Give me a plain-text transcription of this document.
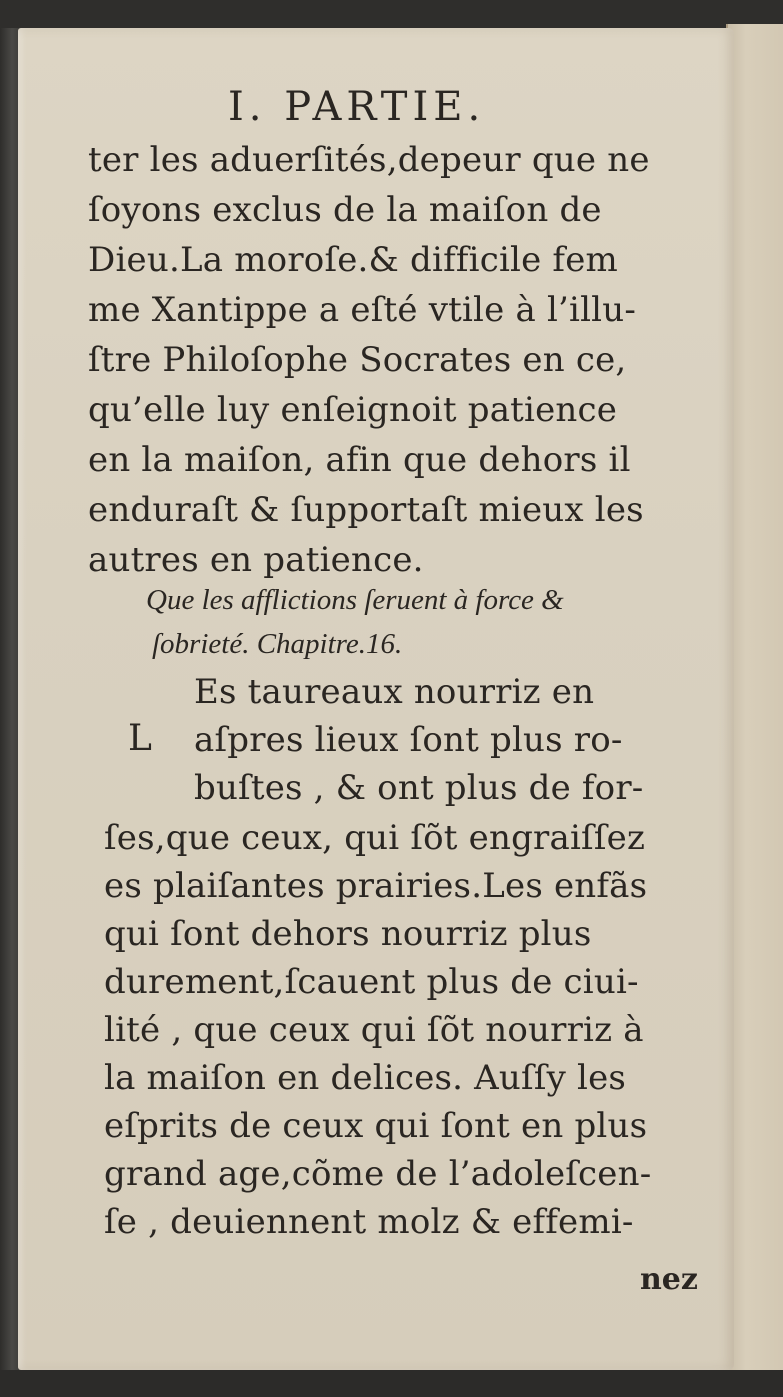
I. PARTIE.
ter les aduerſités,depeur que ne
ſoyons exclus de la maiſon de
Dieu.La moroſe.& difficile fem
me Xantippe a eſté vtile à l’illu-
ſtre Philoſophe Socrates en ce,
qu’elle luy enſeignoit patience
en la maiſon, afin que dehors il
enduraſt & ſupportaſt mieux les
autres en patience.
Que les afflictions ſeruent à force &
ſobrieté. Chapitre.16.
L
Es taureaux nourriz en
aſpres lieux ſont plus ro-
buſtes , & ont plus de for-
ſes,que ceux, qui ſõt engraiſſez
es plaiſantes prairies.Les enfãs
qui ſont dehors nourriz plus
durement,ſcauent plus de ciui-
lité , que ceux qui ſõt nourriz à
la maiſon en delices. Auſſy les
eſprits de ceux qui ſont en plus
grand age,cõme de l’adoleſcen-
ſe , deuiennent molz & effemi-
nez
